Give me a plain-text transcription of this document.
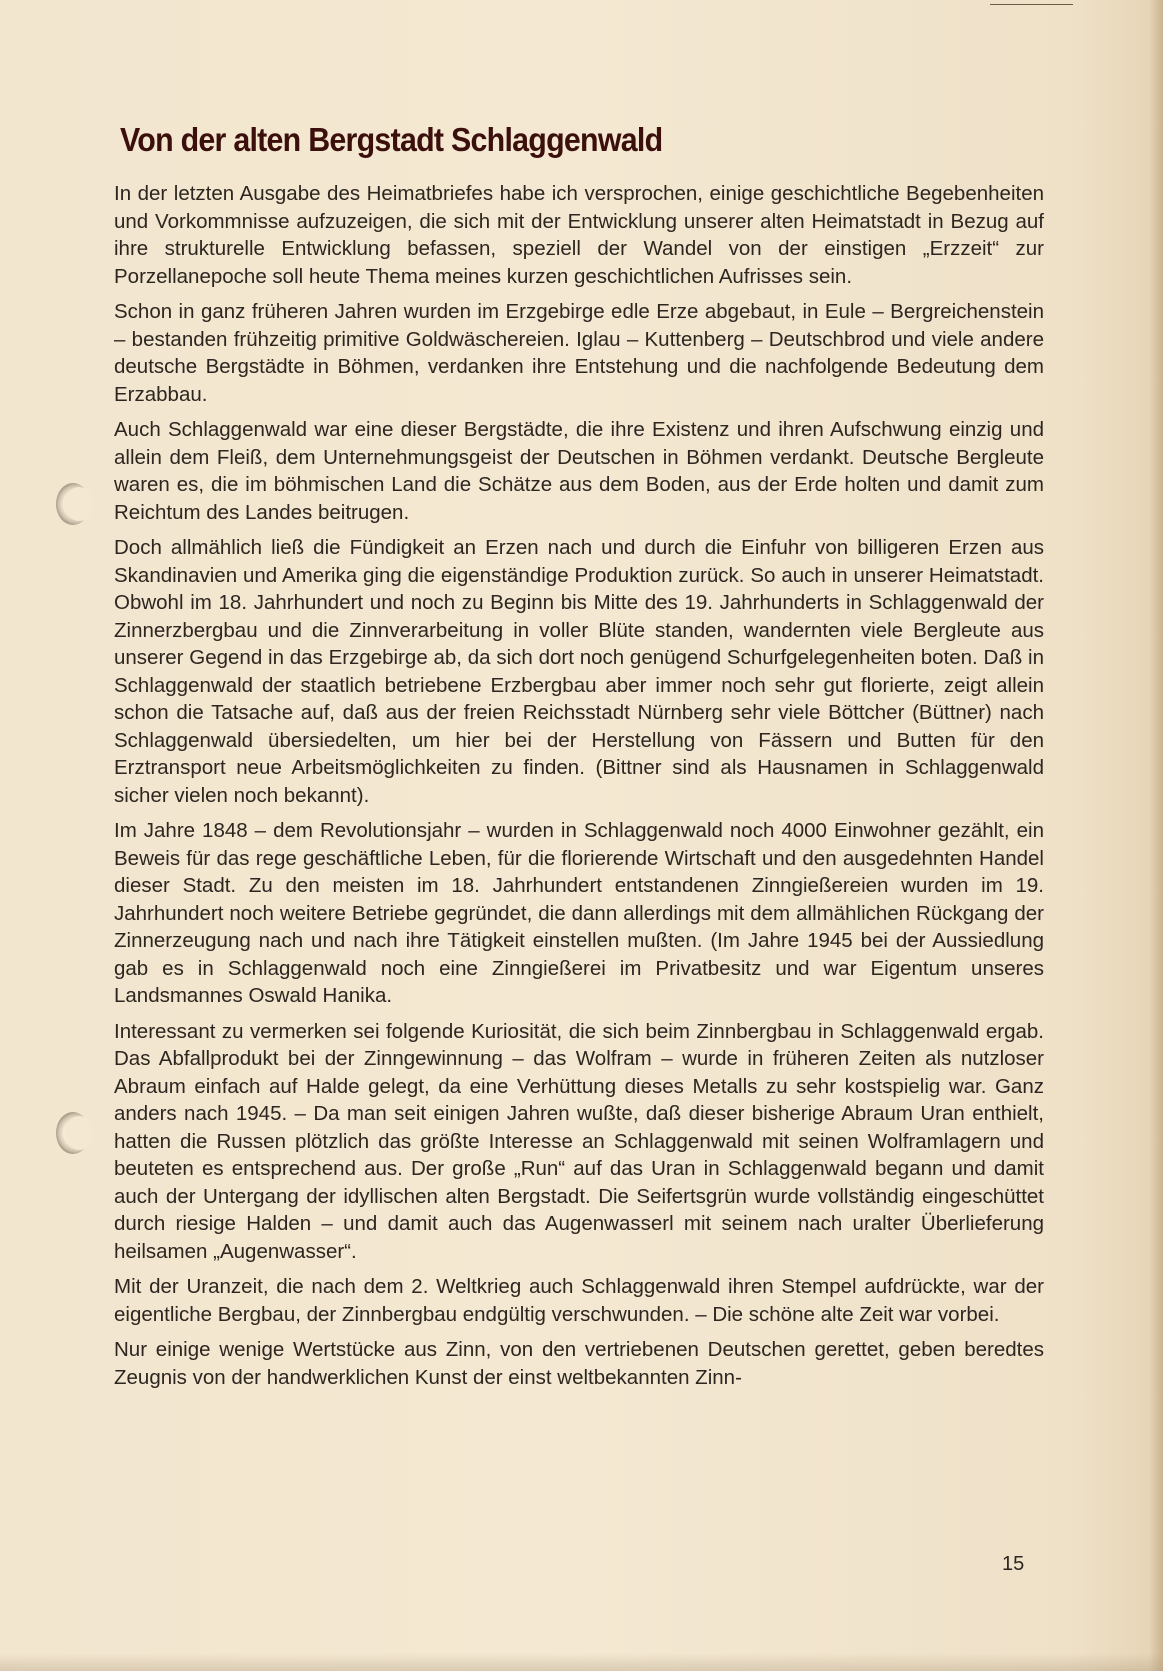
Von der alten Bergstadt Schlaggenwald

In der letzten Ausgabe des Heimatbriefes habe ich versprochen, einige geschichtliche Begebenheiten und Vorkommnisse aufzuzeigen, die sich mit der Entwicklung unserer alten Heimatstadt in Bezug auf ihre strukturelle Entwicklung befassen, speziell der Wandel von der einstigen „Erzzeit“ zur Porzellanepoche soll heute Thema meines kurzen geschichtlichen Aufrisses sein.

Schon in ganz früheren Jahren wurden im Erzgebirge edle Erze abgebaut, in Eule – Bergreichenstein – bestanden frühzeitig primitive Goldwäschereien. Iglau – Kuttenberg – Deutschbrod und viele andere deutsche Bergstädte in Böhmen, verdanken ihre Entstehung und die nachfolgende Bedeutung dem Erzabbau.

Auch Schlaggenwald war eine dieser Bergstädte, die ihre Existenz und ihren Aufschwung einzig und allein dem Fleiß, dem Unternehmungsgeist der Deutschen in Böhmen verdankt. Deutsche Bergleute waren es, die im böhmischen Land die Schätze aus dem Boden, aus der Erde holten und damit zum Reichtum des Landes beitrugen.

Doch allmählich ließ die Fündigkeit an Erzen nach und durch die Einfuhr von billigeren Erzen aus Skandinavien und Amerika ging die eigenständige Produktion zurück. So auch in unserer Heimatstadt. Obwohl im 18. Jahrhundert und noch zu Beginn bis Mitte des 19. Jahrhunderts in Schlaggenwald der Zinnerzbergbau und die Zinnverarbeitung in voller Blüte standen, wandernten viele Bergleute aus unserer Gegend in das Erzgebirge ab, da sich dort noch genügend Schurfgelegenheiten boten. Daß in Schlaggenwald der staatlich betriebene Erzbergbau aber immer noch sehr gut florierte, zeigt allein schon die Tatsache auf, daß aus der freien Reichsstadt Nürnberg sehr viele Böttcher (Büttner) nach Schlaggenwald übersiedelten, um hier bei der Herstellung von Fässern und Butten für den Erztransport neue Arbeitsmöglichkeiten zu finden. (Bittner sind als Hausnamen in Schlaggenwald sicher vielen noch bekannt).

Im Jahre 1848 – dem Revolutionsjahr – wurden in Schlaggenwald noch 4000 Einwohner gezählt, ein Beweis für das rege geschäftliche Leben, für die florierende Wirtschaft und den ausgedehnten Handel dieser Stadt. Zu den meisten im 18. Jahrhundert entstandenen Zinngießereien wurden im 19. Jahrhundert noch weitere Betriebe gegründet, die dann allerdings mit dem allmählichen Rückgang der Zinnerzeugung nach und nach ihre Tätigkeit einstellen mußten. (Im Jahre 1945 bei der Aussiedlung gab es in Schlaggenwald noch eine Zinngießerei im Privatbesitz und war Eigentum unseres Landsmannes Oswald Hanika.

Interessant zu vermerken sei folgende Kuriosität, die sich beim Zinnbergbau in Schlaggenwald ergab. Das Abfallprodukt bei der Zinngewinnung – das Wolfram – wurde in früheren Zeiten als nutzloser Abraum einfach auf Halde gelegt, da eine Verhüttung dieses Metalls zu sehr kostspielig war. Ganz anders nach 1945. – Da man seit einigen Jahren wußte, daß dieser bisherige Abraum Uran enthielt, hatten die Russen plötzlich das größte Interesse an Schlaggenwald mit seinen Wolframlagern und beuteten es entsprechend aus. Der große „Run“ auf das Uran in Schlaggenwald begann und damit auch der Untergang der idyllischen alten Bergstadt. Die Seifertsgrün wurde vollständig eingeschüttet durch riesige Halden – und damit auch das Augenwasserl mit seinem nach uralter Überlieferung heilsamen „Augenwasser“.

Mit der Uranzeit, die nach dem 2. Weltkrieg auch Schlaggenwald ihren Stempel aufdrückte, war der eigentliche Bergbau, der Zinnbergbau endgültig verschwunden. – Die schöne alte Zeit war vorbei.

Nur einige wenige Wertstücke aus Zinn, von den vertriebenen Deutschen gerettet, geben beredtes Zeugnis von der handwerklichen Kunst der einst weltbekannten Zinn-

15
